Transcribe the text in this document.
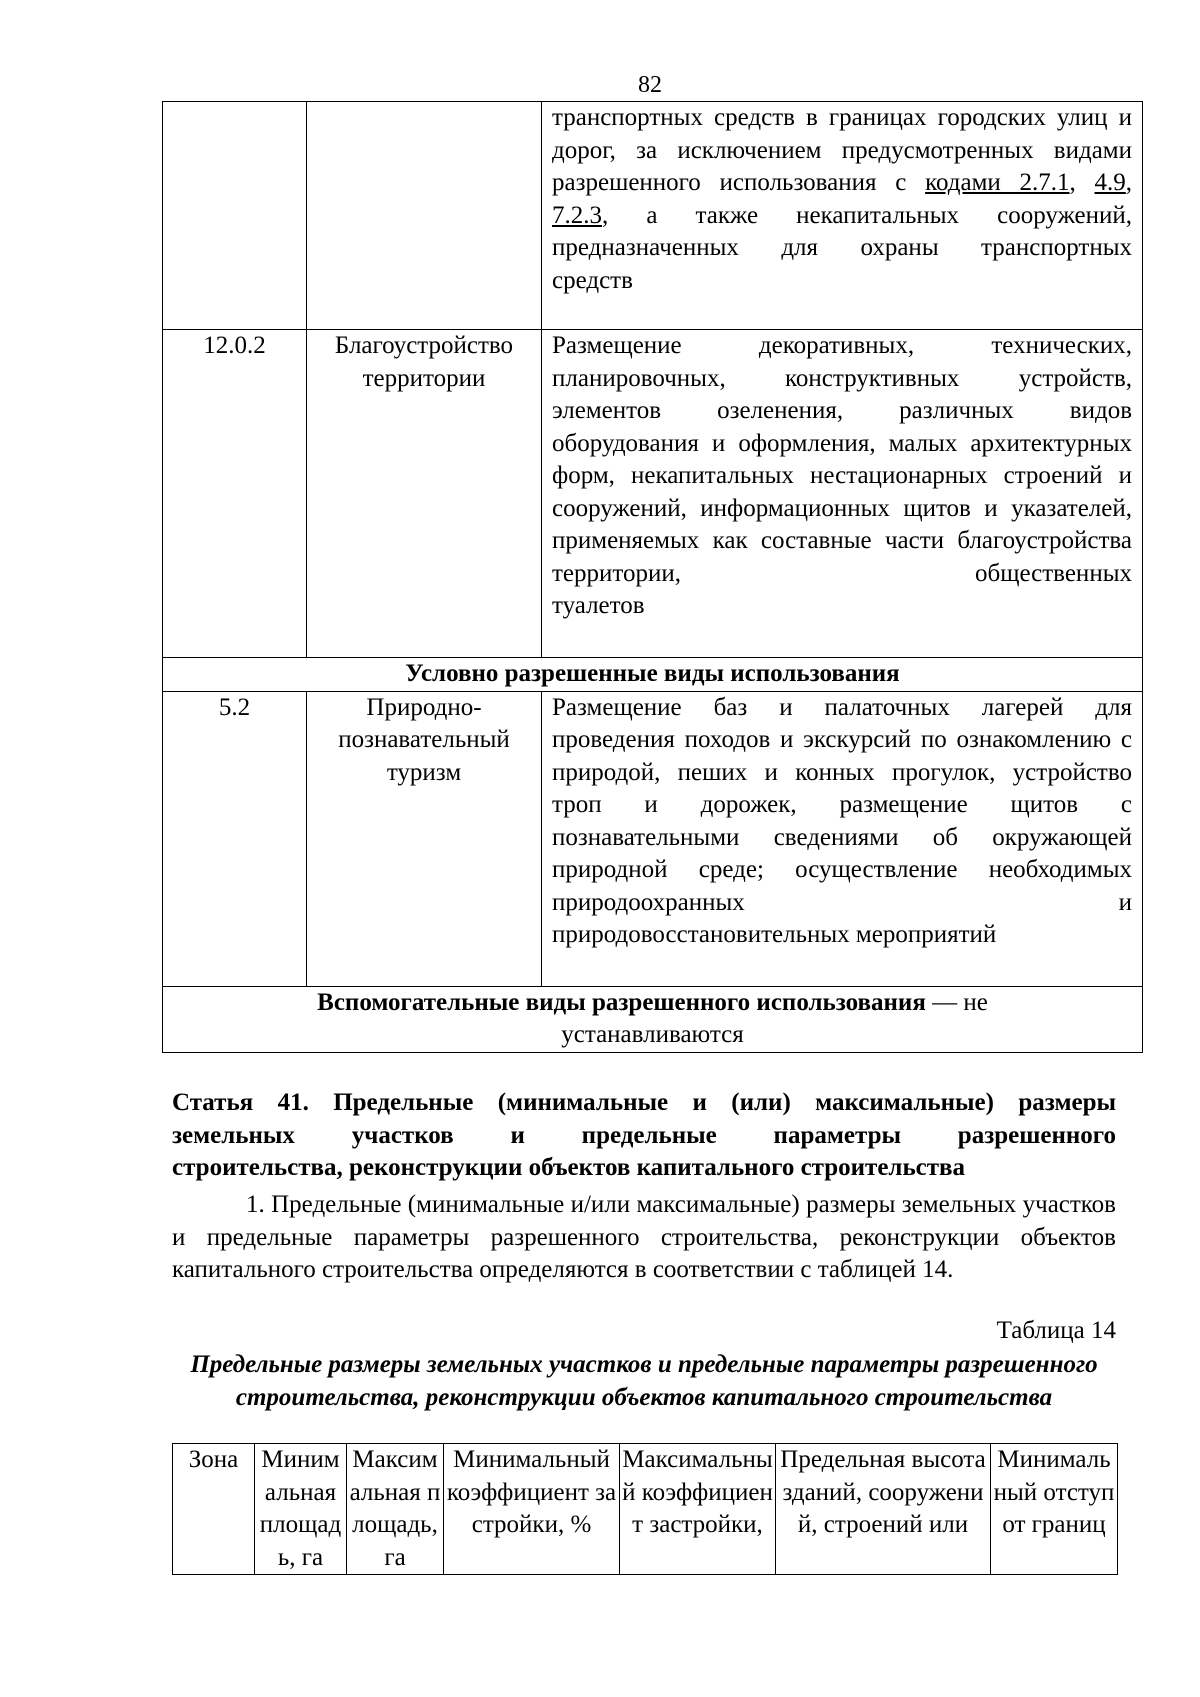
82
		транспортных средств в границах городских улиц и дорог, за исключением предусмотренных видами разрешенного использования с кодами 2.7.1, 4.9, 7.2.3, а также некапитальных сооружений, предназначенных для охраны транспортных
средств

12.0.2	Благоустройство территории	Размещение декоративных, технических, планировочных, конструктивных устройств, элементов озеленения, различных видов оборудования и оформления, малых архитектурных форм, некапитальных нестационарных строений и сооружений, информационных щитов и указателей, применяемых как составные части благоустройства территории, общественных
туалетов

Условно разрешенные виды использования		
5.2	Природно-познавательный туризм	Размещение баз и палаточных лагерей для проведения походов и экскурсий по ознакомлению с природой, пеших и конных прогулок, устройство троп и дорожек, размещение щитов с познавательными сведениями об окружающей природной среде; осуществление необходимых природоохранных и
природовосстановительных мероприятий

Вспомогательные виды разрешенного использования — не устанавливаются		
Статья 41. Предельные (минимальные и (или) максимальные) размеры земельных участков и предельные параметры разрешенного
строительства, реконструкции объектов капитального строительства
1. Предельные (минимальные и/или максимальные) размеры земельных участков и предельные параметры разрешенного строительства, реконструкции объектов капитального строительства определяются в соответствии с таблицей 14.
Таблица 14
Предельные размеры земельных участков и предельные параметры разрешенного строительства, реконструкции объектов капитального строительства
Зона	Минимальная площадь, га	Максимальная площадь, га	Минимальный коэффициент застройки, %	Максимальный коэффициент застройки,	Предельная высота зданий, сооружений, строений или	Минимальный отступ от границ
